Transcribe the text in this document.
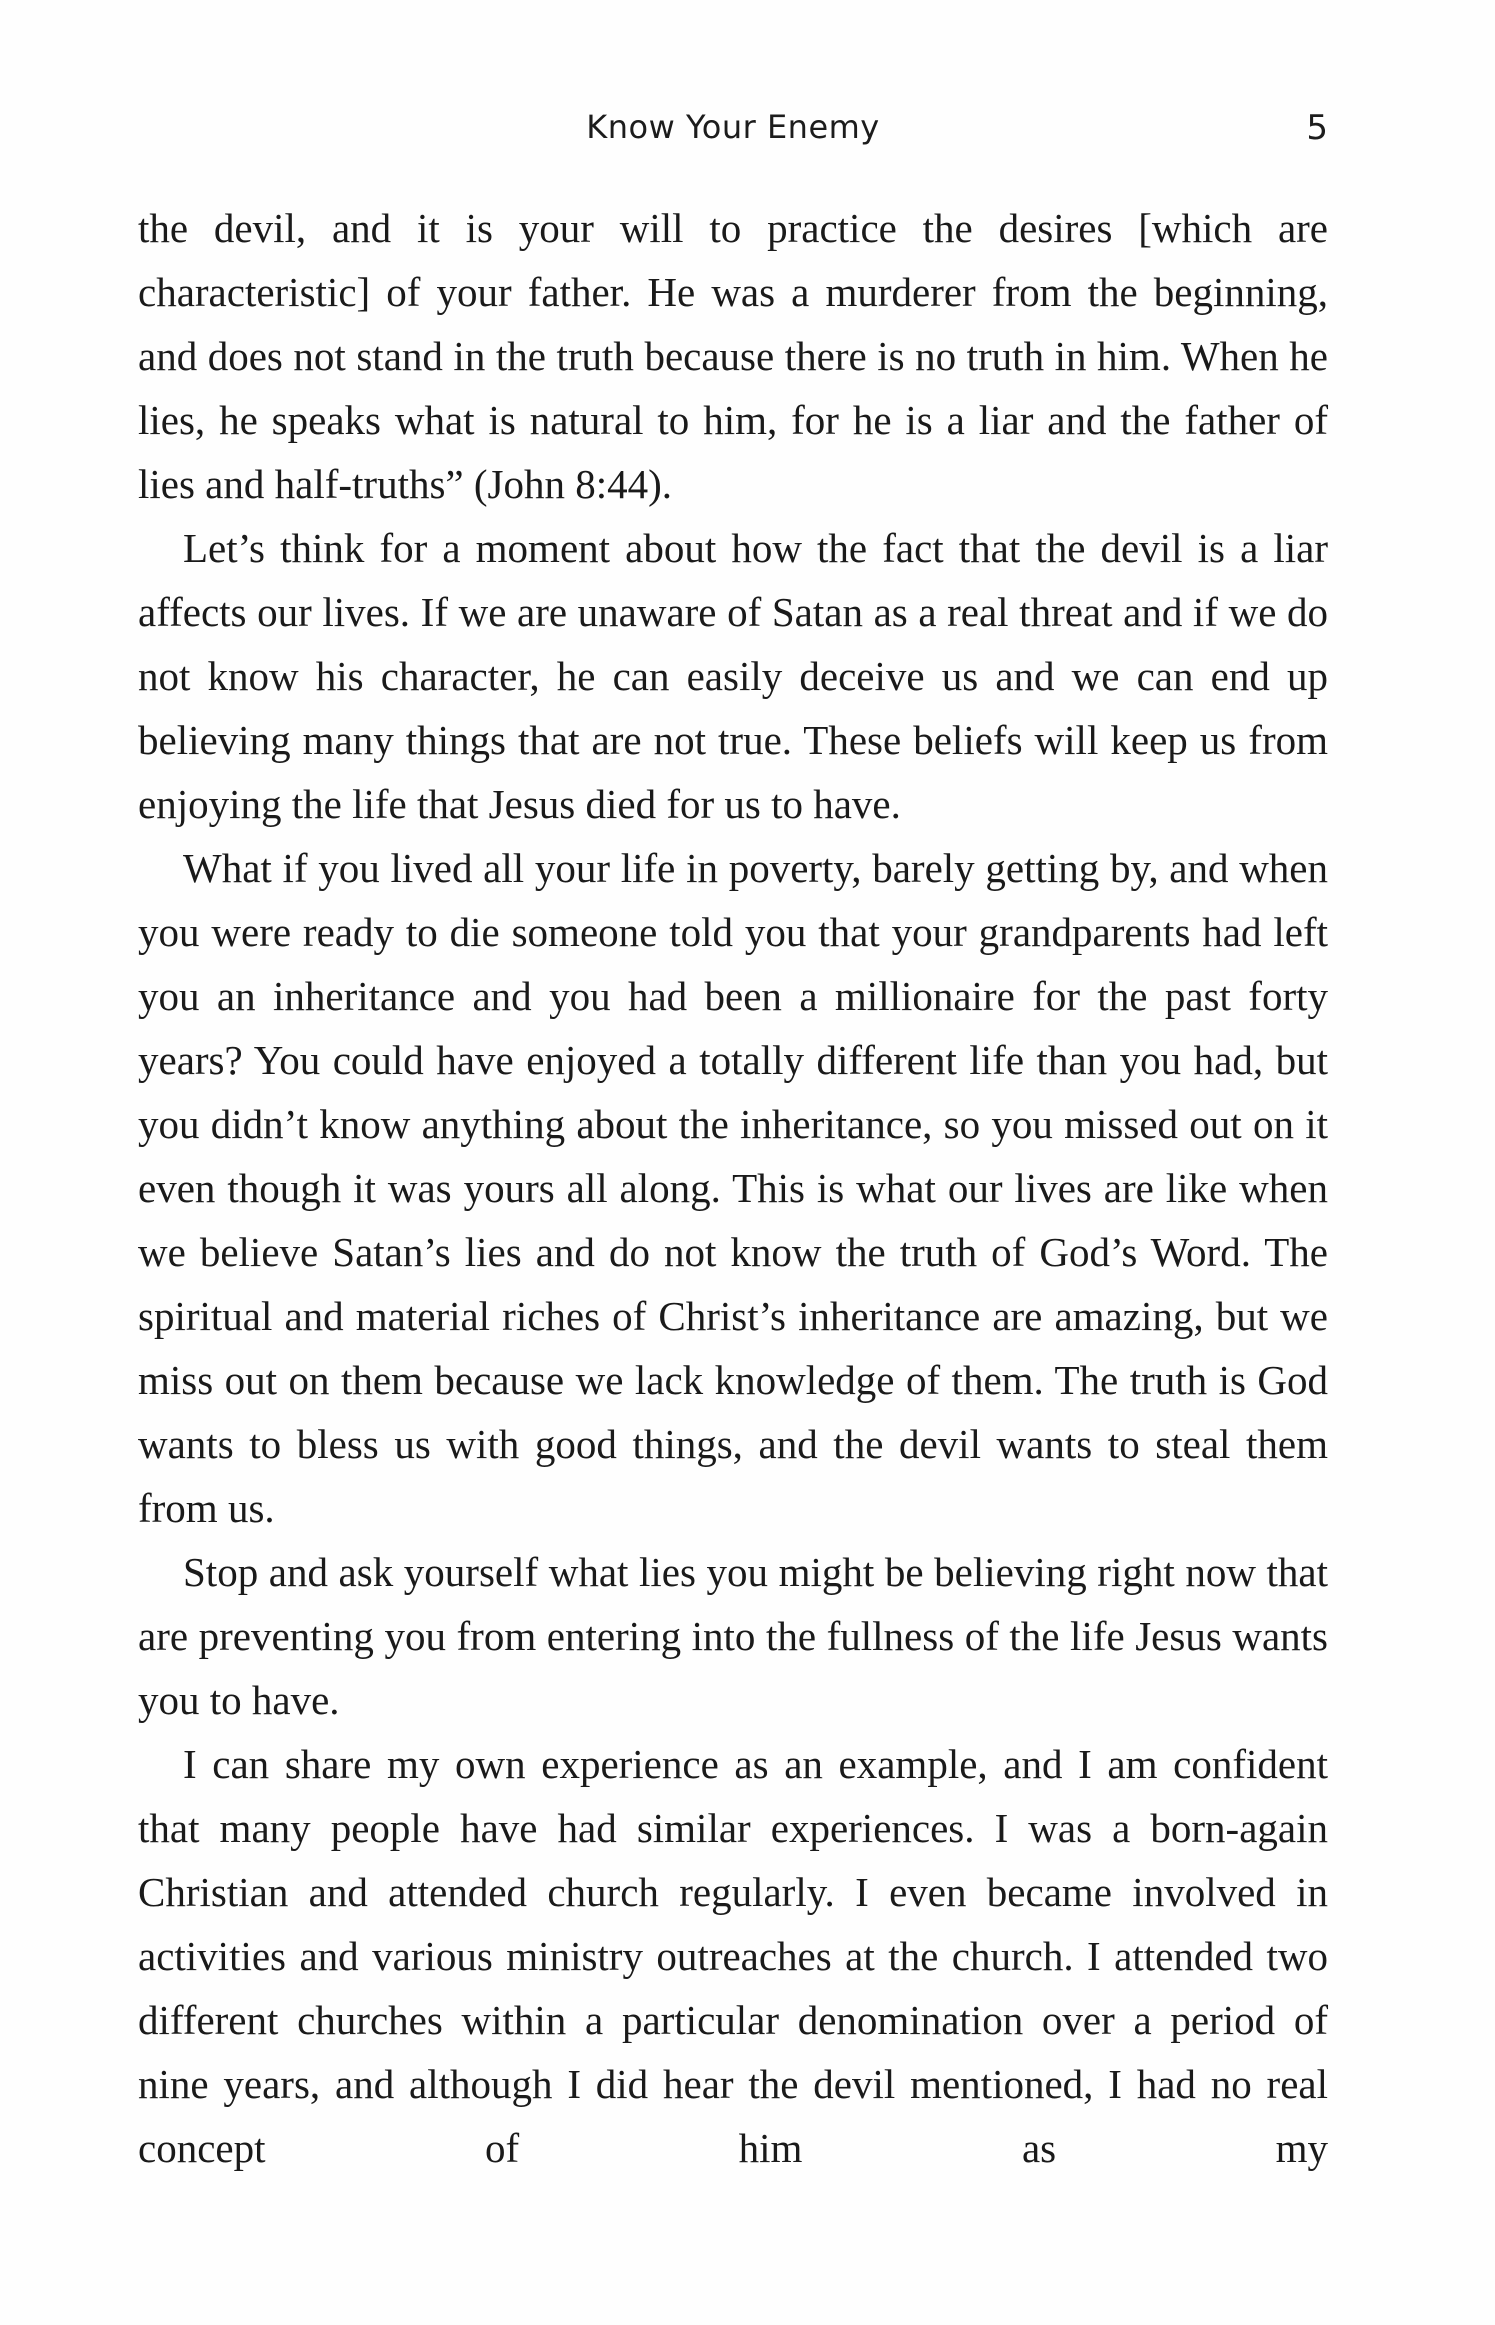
Know Your Enemy	5

the devil, and it is your will to practice the desires [which are characteristic] of your father. He was a murderer from the beginning, and does not stand in the truth because there is no truth in him. When he lies, he speaks what is natural to him, for he is a liar and the father of lies and half-truths” (John 8:44).

Let’s think for a moment about how the fact that the devil is a liar affects our lives. If we are unaware of Satan as a real threat and if we do not know his character, he can easily deceive us and we can end up believing many things that are not true. These beliefs will keep us from enjoying the life that Jesus died for us to have.

What if you lived all your life in poverty, barely getting by, and when you were ready to die someone told you that your grandparents had left you an inheritance and you had been a millionaire for the past forty years? You could have enjoyed a totally different life than you had, but you didn’t know anything about the inheritance, so you missed out on it even though it was yours all along. This is what our lives are like when we believe Satan’s lies and do not know the truth of God’s Word. The spiritual and material riches of Christ’s inheritance are amazing, but we miss out on them because we lack knowledge of them. The truth is God wants to bless us with good things, and the devil wants to steal them from us.

Stop and ask yourself what lies you might be believing right now that are preventing you from entering into the fullness of the life Jesus wants you to have.

I can share my own experience as an example, and I am confident that many people have had similar experiences. I was a born-again Christian and attended church regularly. I even became involved in activities and various ministry outreaches at the church. I attended two different churches within a particular denomination over a period of nine years, and although I did hear the devil mentioned, I had no real concept of him as my
